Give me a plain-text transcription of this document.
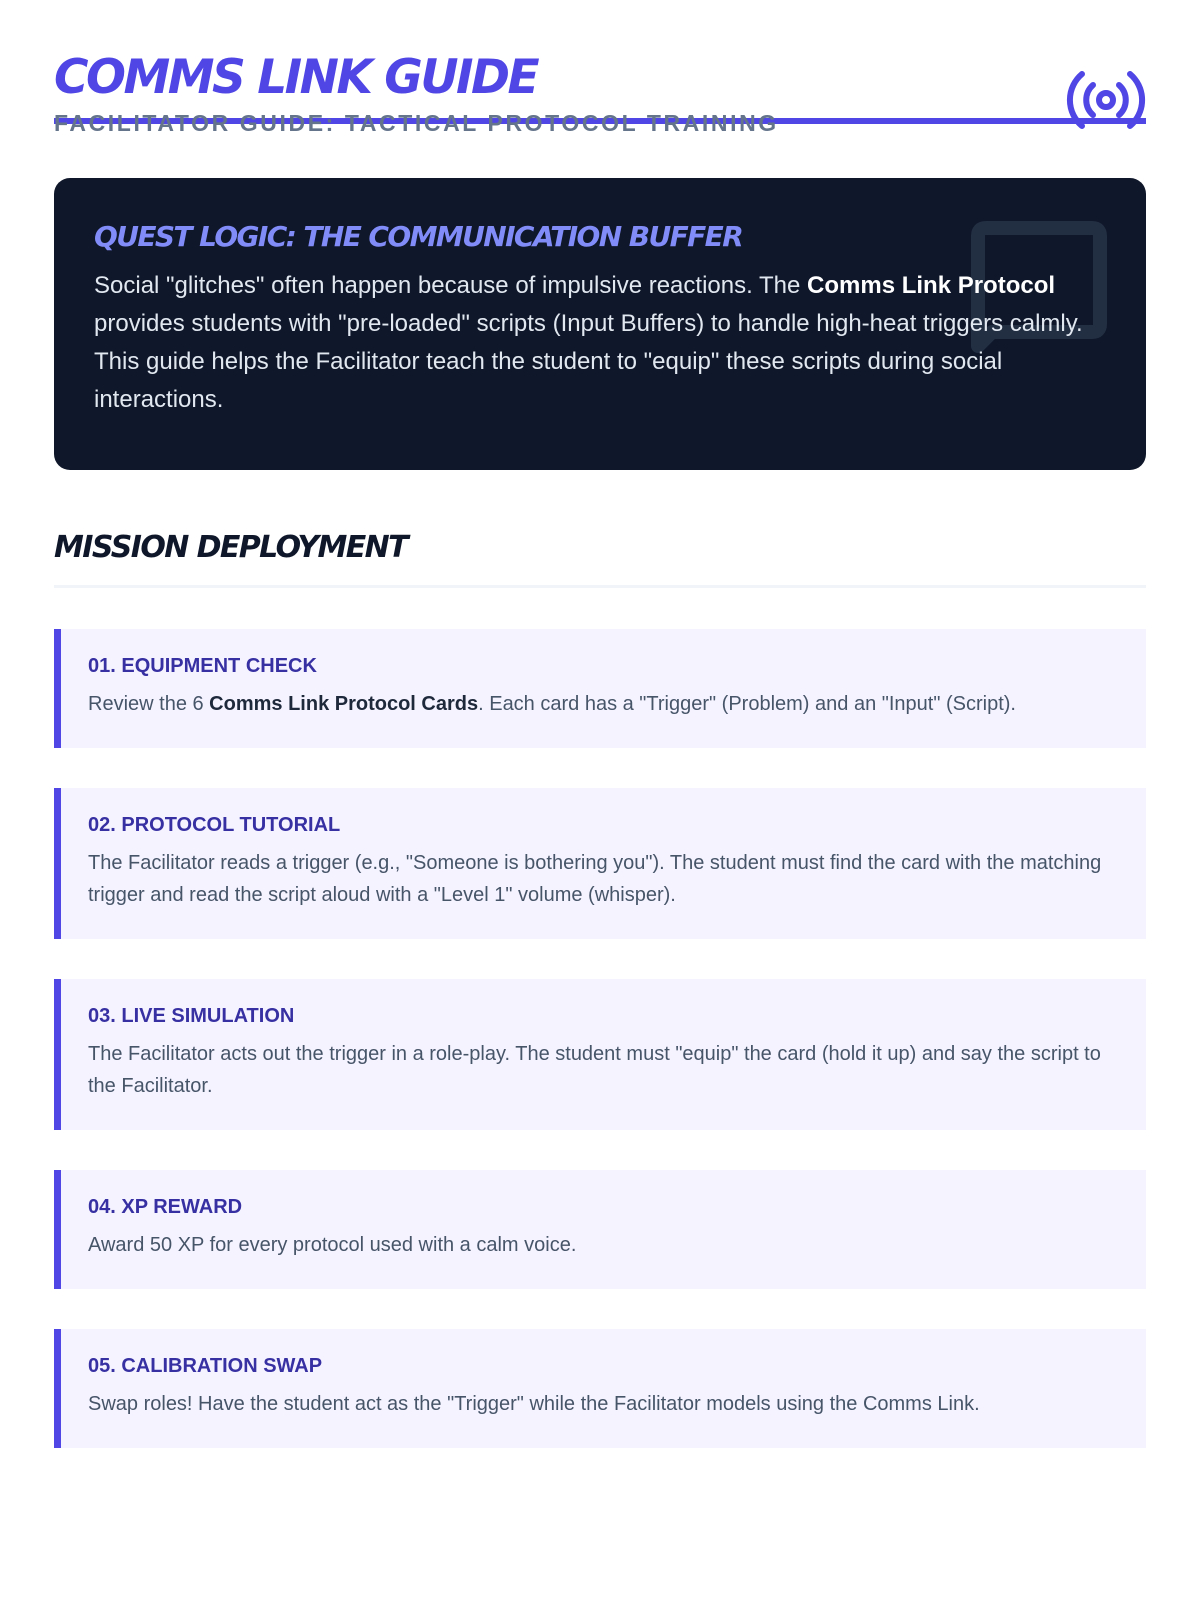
COMMS LINK GUIDE
FACILITATOR GUIDE: TACTICAL PROTOCOL TRAINING
QUEST LOGIC: THE COMMUNICATION BUFFER

Social "glitches" often happen because of impulsive reactions. The Comms Link Protocol provides students with "pre-loaded" scripts (Input Buffers) to handle high-heat triggers calmly. This guide helps the Facilitator teach the student to "equip" these scripts during social interactions.

MISSION DEPLOYMENT
01. EQUIPMENT CHECK

Review the 6 Comms Link Protocol Cards. Each card has a "Trigger" (Problem) and an "Input" (Script).

02. PROTOCOL TUTORIAL

The Facilitator reads a trigger (e.g., "Someone is bothering you"). The student must find the card with the matching trigger and read the script aloud with a "Level 1" volume (whisper).

03. LIVE SIMULATION

The Facilitator acts out the trigger in a role-play. The student must "equip" the card (hold it up) and say the script to the Facilitator.

04. XP REWARD

Award 50 XP for every protocol used with a calm voice.

05. CALIBRATION SWAP

Swap roles! Have the student act as the "Trigger" while the Facilitator models using the Comms Link.
